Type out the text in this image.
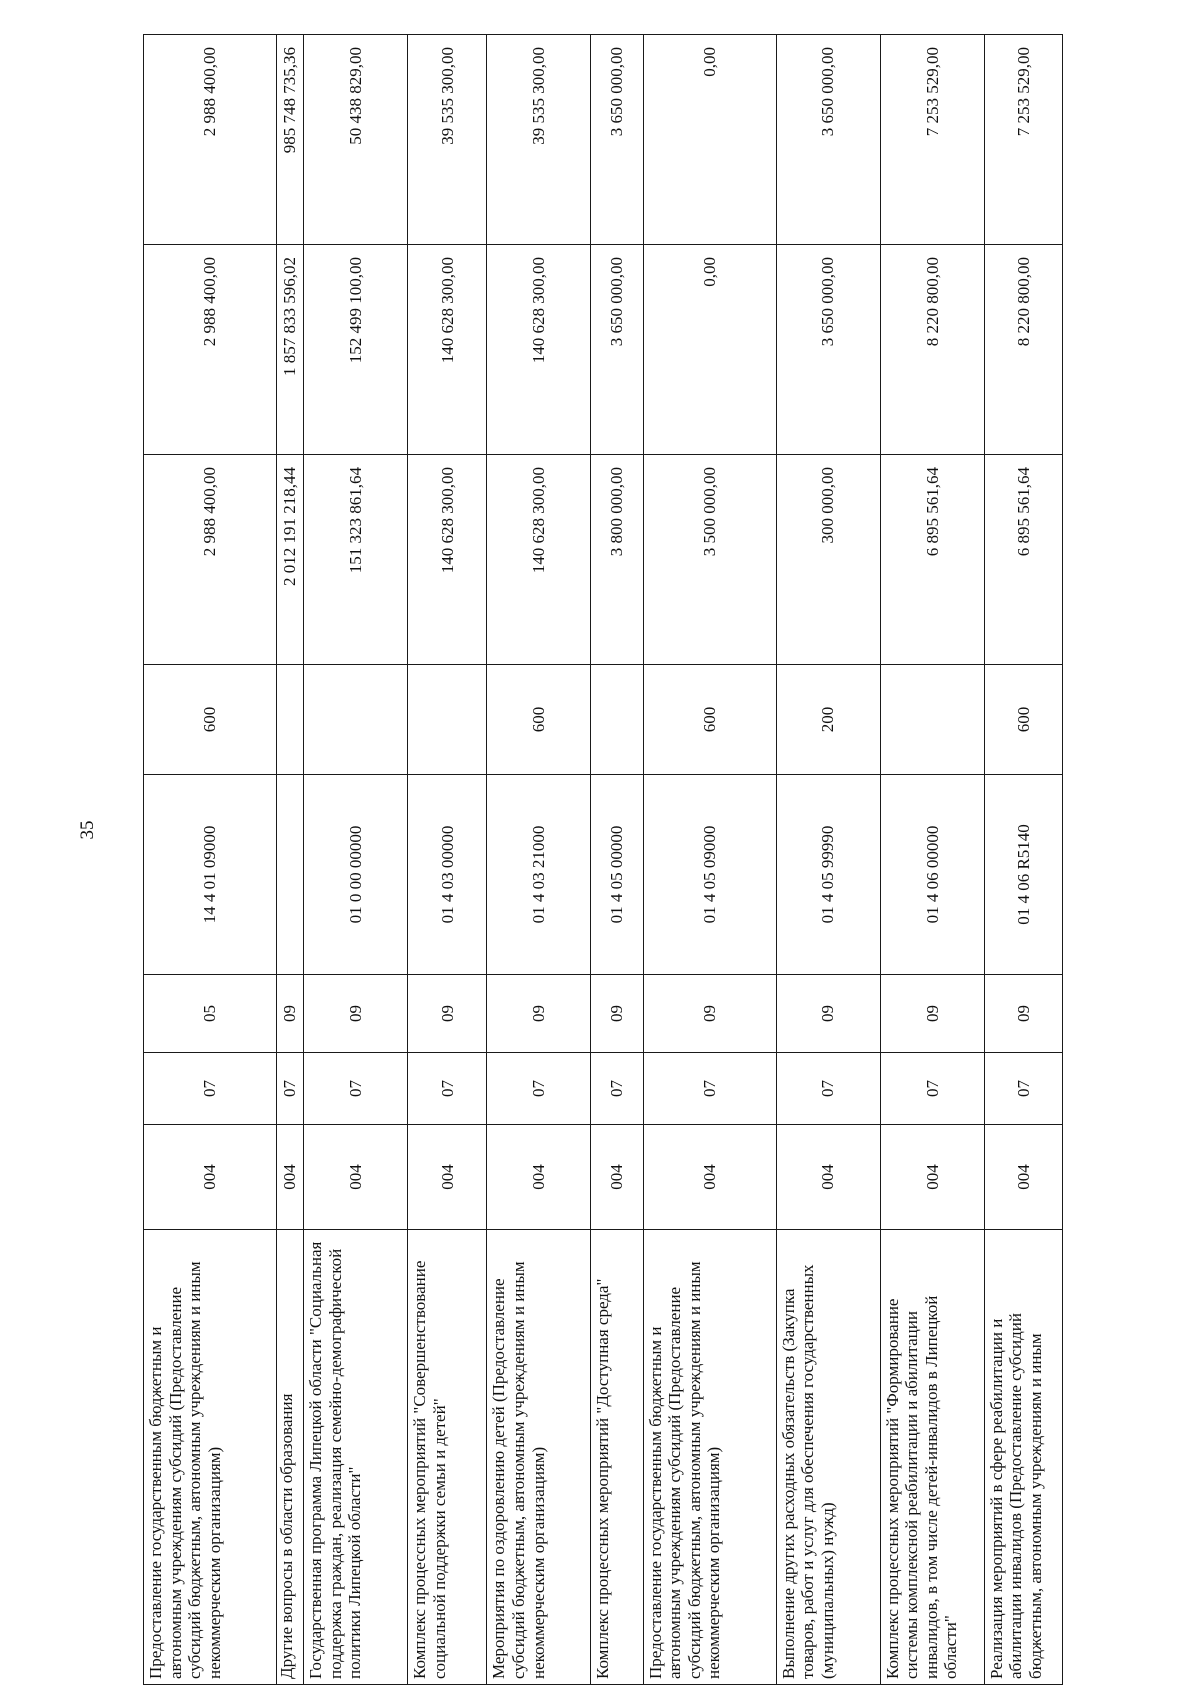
35
Предоставление государственным бюджетным и автономным учреждениям субсидий (Предоставление субсидий бюджетным, автономным учреждениям и иным некоммерческим организациям)	004	07	05	14 4 01 09000	600	2 988 400,00	2 988 400,00	2 988 400,00
Другие вопросы в области образования	004	07	09			2 012 191 218,44	1 857 833 596,02	985 748 735,36
Государственная программа Липецкой области "Социальная поддержка граждан, реализация семейно-демографической политики Липецкой области"	004	07	09	01 0 00 00000		151 323 861,64	152 499 100,00	50 438 829,00
Комплекс процессных мероприятий "Совершенствование социальной поддержки семьи и детей"	004	07	09	01 4 03 00000		140 628 300,00	140 628 300,00	39 535 300,00
Мероприятия по оздоровлению детей (Предоставление субсидий бюджетным, автономным учреждениям и иным некоммерческим организациям)	004	07	09	01 4 03 21000	600	140 628 300,00	140 628 300,00	39 535 300,00
Комплекс процессных мероприятий "Доступная среда"	004	07	09	01 4 05 00000		3 800 000,00	3 650 000,00	3 650 000,00
Предоставление государственным бюджетным и автономным учреждениям субсидий (Предоставление субсидий бюджетным, автономным учреждениям и иным некоммерческим организациям)	004	07	09	01 4 05 09000	600	3 500 000,00	0,00	0,00
Выполнение других расходных обязательств (Закупка товаров, работ и услуг для обеспечения государственных (муниципальных) нужд)	004	07	09	01 4 05 99990	200	300 000,00	3 650 000,00	3 650 000,00
Комплекс процессных мероприятий "Формирование системы комплексной реабилитации и абилитации инвалидов, в том числе детей-инвалидов в Липецкой области"	004	07	09	01 4 06 00000		6 895 561,64	8 220 800,00	7 253 529,00
Реализация мероприятий в сфере реабилитации и абилитации инвалидов (Предоставление субсидий бюджетным, автономным учреждениям и иным	004	07	09	01 4 06 R5140	600	6 895 561,64	8 220 800,00	7 253 529,00
